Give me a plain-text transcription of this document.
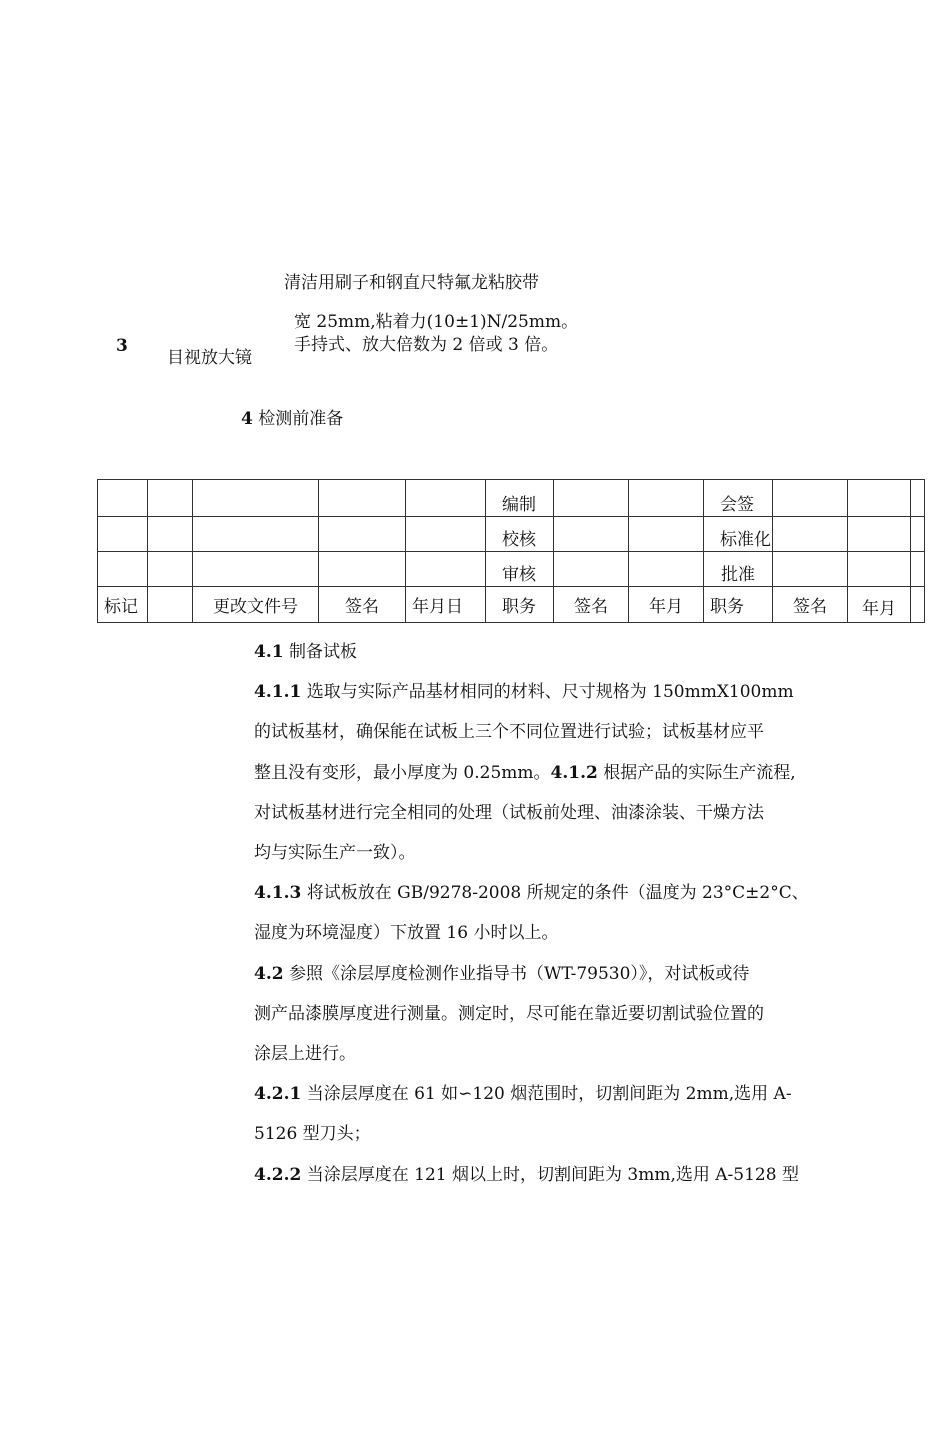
清洁用刷子和钢直尺特氟龙粘胶带
宽 25mm,粘着力(10±1)N/25mm。
手持式、放大倍数为 2 倍或 3 倍。
3
目视放大镜
4 检测前准备
					编制			会签			
					校核			标准化			
					审核			批准			
标记		更改文件号	签名	年月日	职务	签名	年月	职务	签名	年月	

4.1 制备试板

4.1.1 选取与实际产品基材相同的材料、尺寸规格为 150mmX100mm

的试板基材，确保能在试板上三个不同位置进行试验；试板基材应平

整且没有变形，最小厚度为 0.25mm。4.1.2 根据产品的实际生产流程,

对试板基材进行完全相同的处理（试板前处理、油漆涂装、干燥方法

均与实际生产一致）。

4.1.3 将试板放在 GB/9278-2008 所规定的条件（温度为 23°C±2°C、

湿度为环境湿度）下放置 16 小时以上。

4.2 参照《涂层厚度检测作业指导书（WT-79530）》，对试板或待

测产品漆膜厚度进行测量。测定时，尽可能在靠近要切割试验位置的

涂层上进行。

4.2.1 当涂层厚度在 61 如∽120 烟范围时，切割间距为 2mm,选用 A-

5126 型刀头；

4.2.2 当涂层厚度在 121 烟以上时，切割间距为 3mm,选用 A-5128 型
